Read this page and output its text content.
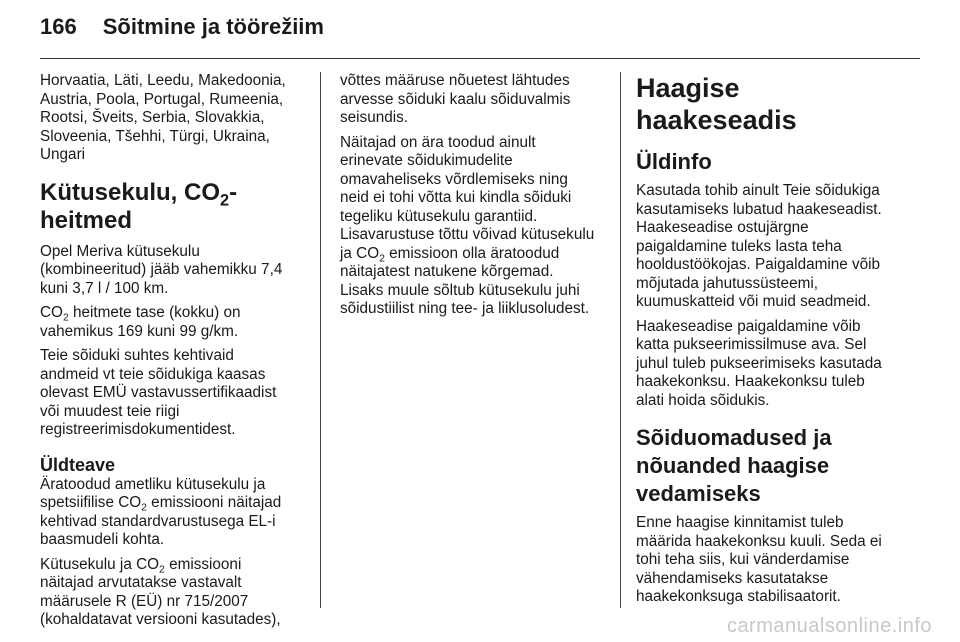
166 Sõitmine ja töörežiim

Horvaatia, Läti, Leedu, Makedoonia,
Austria, Poola, Portugal, Rumeenia,
Rootsi, Šveits, Serbia, Slovakkia,
Sloveenia, Tšehhi, Türgi, Ukraina,
Ungari

Kütusekulu, $CO_2$-heitmed

Opel Meriva kütusekulu
(kombineeritud) jääb vahemikku 7,4
kuni 3,7 l / 100 km.

$CO_2$ heitmete tase (kokku) on
vahemikus 169 kuni 99 g/km.

Teie sõiduki suhtes kehtivaid
andmeid vt teie sõidukiga kaasas
olevast EMÜ vastavussertifikaadist
või muudest teie riigi
registreerimisdokumentidest.

Üldteave

Äratoodud ametliku kütusekulu ja
spetsiifilise $CO_2$ emissiooni näitajad
kehtivad standardvarustusega EL-i
baasmudeli kohta.

Kütusekulu ja $CO_2$ emissiooni
näitajad arvutatakse vastavalt
määrusele R (EÜ) nr 715/2007
(kohaldatavat versiooni kasutades),

võttes määruse nõuetest lähtudes
arvesse sõiduki kaalu sõiduvalmis
seisundis.

Näitajad on ära toodud ainult
erinevate sõidukimudelite
omavaheliseks võrdlemiseks ning
neid ei tohi võtta kui kindla sõiduki
tegeliku kütusekulu garantiid.
Lisavarustuse tõttu võivad kütusekulu
ja $CO_2$ emissioon olla äratoodud
näitajatest natukene kõrgemad.
Lisaks muule sõltub kütusekulu juhi
sõidustiilist ning tee- ja liiklusoludest.

Haagise haakeseadis
Üldinfo

Kasutada tohib ainult Teie sõidukiga
kasutamiseks lubatud haakeseadist.
Haakeseadise ostujärgne
paigaldamine tuleks lasta teha
hooldustöökojas. Paigaldamine võib
mõjutada jahutussüsteemi,
kuumuskatteid või muid seadmeid.

Haakeseadise paigaldamine võib
katta pukseerimissilmuse ava. Sel
juhul tuleb pukseerimiseks kasutada
haakekonksu. Haakekonksu tuleb
alati hoida sõidukis.

Sõiduomadused ja
nõuanded haagise
vedamiseks

Enne haagise kinnitamist tuleb
määrida haakekonksu kuuli. Seda ei
tohi teha siis, kui vänderdamise
vähendamiseks kasutatakse
haakekonksuga stabilisaatorit.

carmanualsonline.info
